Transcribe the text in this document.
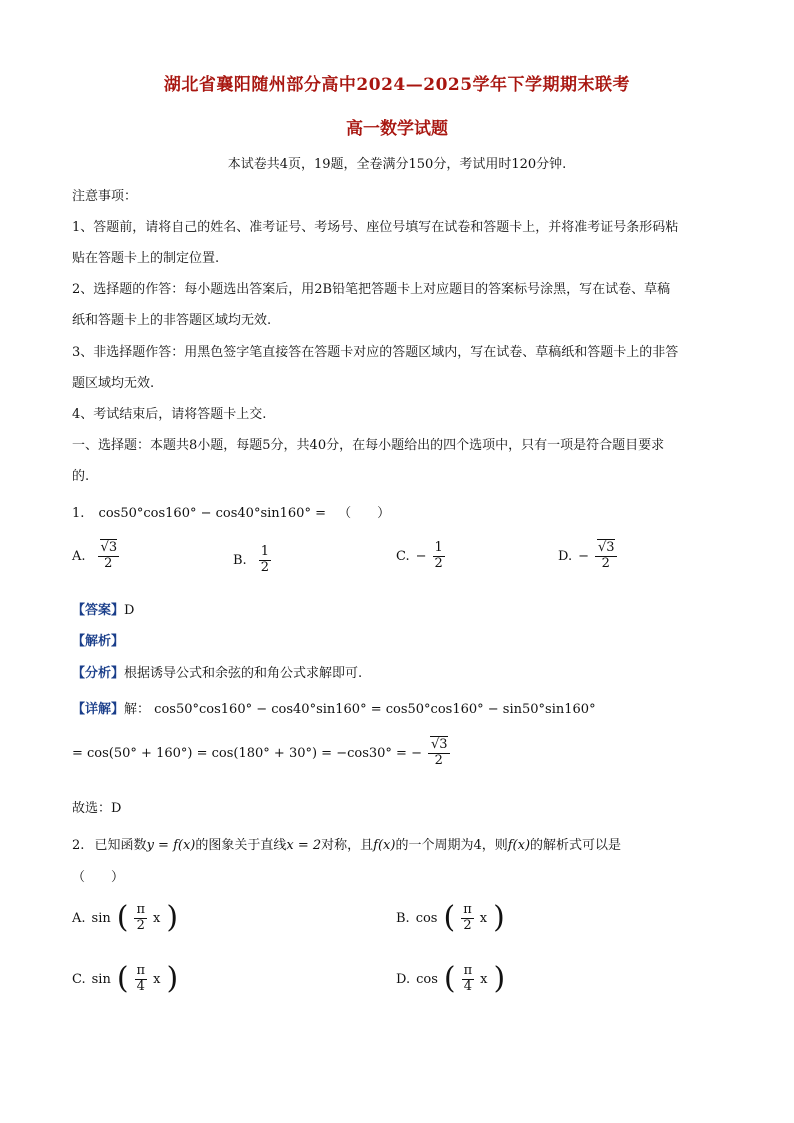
湖北省襄阳随州部分高中2024—2025学年下学期期末联考
高一数学试题
本试卷共4页，19题，全卷满分150分，考试用时120分钟.
注意事项：
1、答题前，请将自己的姓名、准考证号、考场号、座位号填写在试卷和答题卡上，并将准考证号条形码粘
贴在答题卡上的制定位置.
2、选择题的作答：每小题选出答案后，用2B铅笔把答题卡上对应题目的答案标号涂黑，写在试卷、草稿
纸和答题卡上的非答题区域均无效.
3、非选择题作答：用黑色签字笔直接答在答题卡对应的答题区域内，写在试卷、草稿纸和答题卡上的非答
题区域均无效.
4、考试结束后，请将答题卡上交.
一、选择题：本题共8小题，每题5分，共40分，在每小题给出的四个选项中，只有一项是符合题目要求
的.
1. cos50°cos160° − cos40°sin160° = （　　）
A. $\frac{√3}{2}$	B. $\frac{1}{2}$	C. − $\frac{1}{2}$	D. − $\frac{√3}{2}$
【答案】D
【解析】
【分析】根据诱导公式和余弦的和角公式求解即可.
【详解】解： cos50°cos160° − cos40°sin160° = cos50°cos160° − sin50°sin160°
= cos(50° + 160°) = cos(180° + 30°) = −cos30° = − $\frac{√3}{2}$
故选：D
2. 已知函数y = f(x)的图象关于直线x = 2对称，且f(x)的一个周期为4，则f(x)的解析式可以是
（　　）
A. sin ( $\frac{\pi}{2}$ x )	B. cos ( $\frac{\pi}{2}$ x )
C. sin ( $\frac{\pi}{4}$ x )	D. cos ( $\frac{\pi}{4}$ x )
